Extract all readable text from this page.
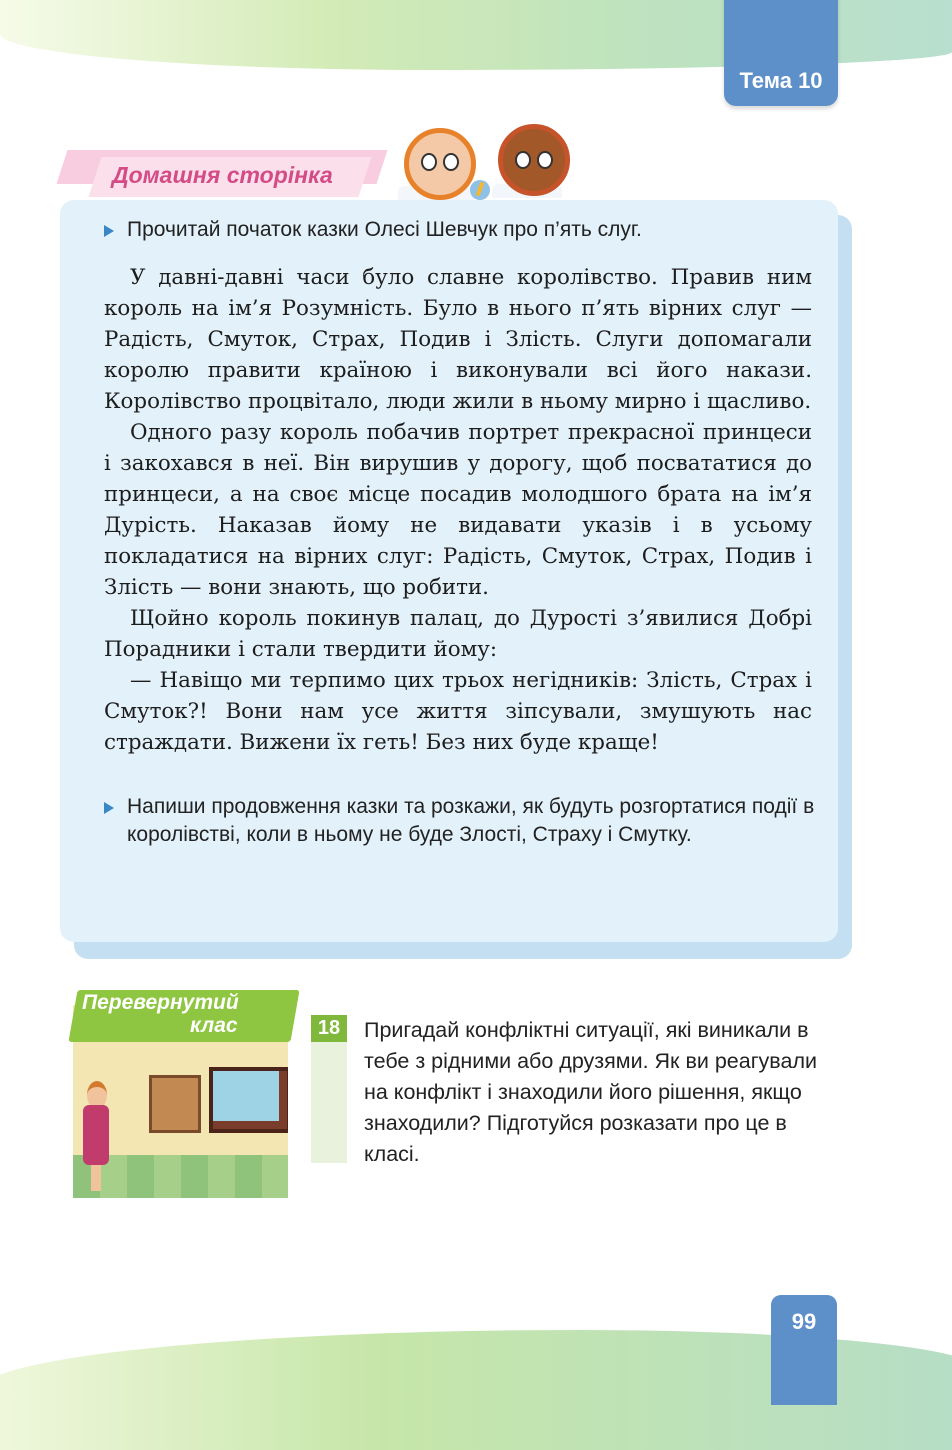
Тема 10
Домашня сторінка
Прочитай початок казки Олесі Шевчук про п’ять слуг.

У давні-давні часи було славне королівство. Правив ним король на ім’я Розумність. Було в нього п’ять вірних слуг — Радість, Смуток, Страх, Подив і Злість. Слуги допомагали королю правити країною і виконували всі його накази. Королівство процвітало, люди жили в ньому мирно і щасливо.

Одного разу король побачив портрет прекрасної принцеси і закохався в неї. Він вирушив у дорогу, щоб посвататися до принцеси, а на своє місце посадив молодшого брата на ім’я Дурість. Наказав йому не видавати указів і в усьому покладатися на вірних слуг: Радість, Смуток, Страх, Подив і Злість — вони знають, що робити.

Щойно король покинув палац, до Дурості з’явилися Добрі Порадники і стали твердити йому:

— Навіщо ми терпимо цих трьох негідників: Злість, Страх і Смуток?! Вони нам усе життя зіпсували, змушують нас страждати. Вижени їх геть! Без них буде краще!

Напиши продовження казки та розкажи, як будуть розгортатися події в королівстві, коли в ньому не буде Злості, Страху і Смутку.
Перевернутий
клас	18	Пригадай конфліктні ситуації, які виникали в тебе з рідними або друзями. Як ви реагували на конфлікт і знаходили його рішення, якщо знаходили? Підготуйся розказати про це в класі.
99
